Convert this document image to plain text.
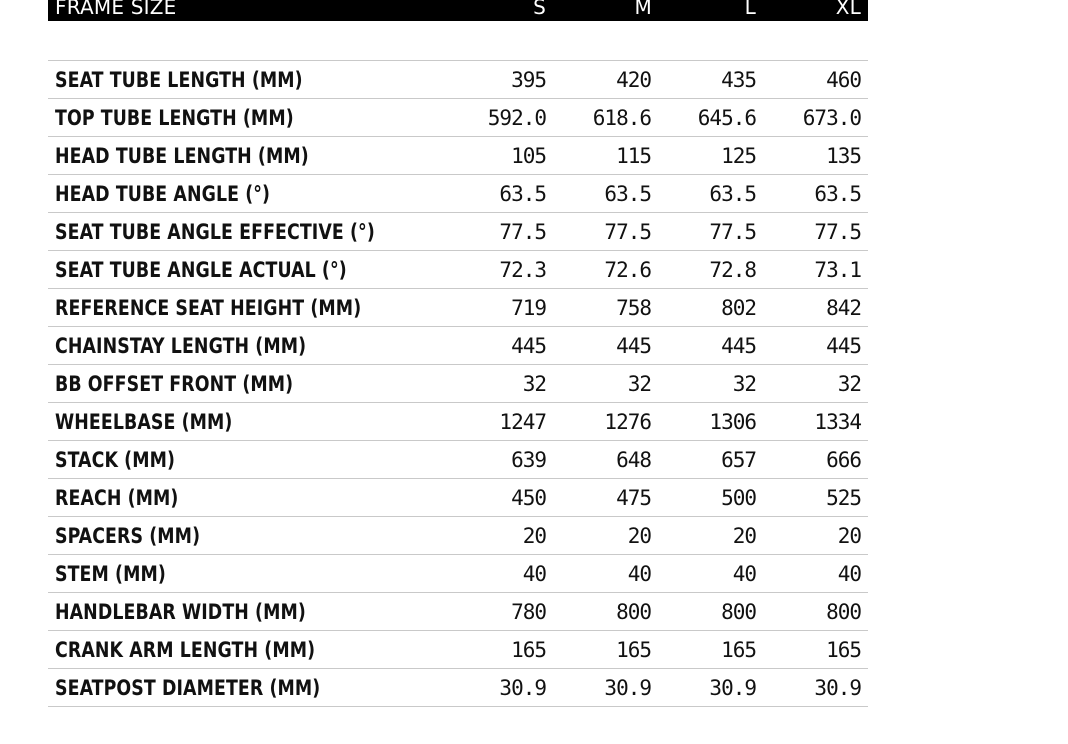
FRAME SIZE	S	M	L	XL
SEAT TUBE LENGTH (MM)	395	420	435	460
TOP TUBE LENGTH (MM)	592.0	618.6	645.6	673.0
HEAD TUBE LENGTH (MM)	105	115	125	135
HEAD TUBE ANGLE (°)	63.5	63.5	63.5	63.5
SEAT TUBE ANGLE EFFECTIVE (°)	77.5	77.5	77.5	77.5
SEAT TUBE ANGLE ACTUAL (°)	72.3	72.6	72.8	73.1
REFERENCE SEAT HEIGHT (MM)	719	758	802	842
CHAINSTAY LENGTH (MM)	445	445	445	445
BB OFFSET FRONT (MM)	32	32	32	32
WHEELBASE (MM)	1247	1276	1306	1334
STACK (MM)	639	648	657	666
REACH (MM)	450	475	500	525
SPACERS (MM)	20	20	20	20
STEM (MM)	40	40	40	40
HANDLEBAR WIDTH (MM)	780	800	800	800
CRANK ARM LENGTH (MM)	165	165	165	165
SEATPOST DIAMETER (MM)	30.9	30.9	30.9	30.9
